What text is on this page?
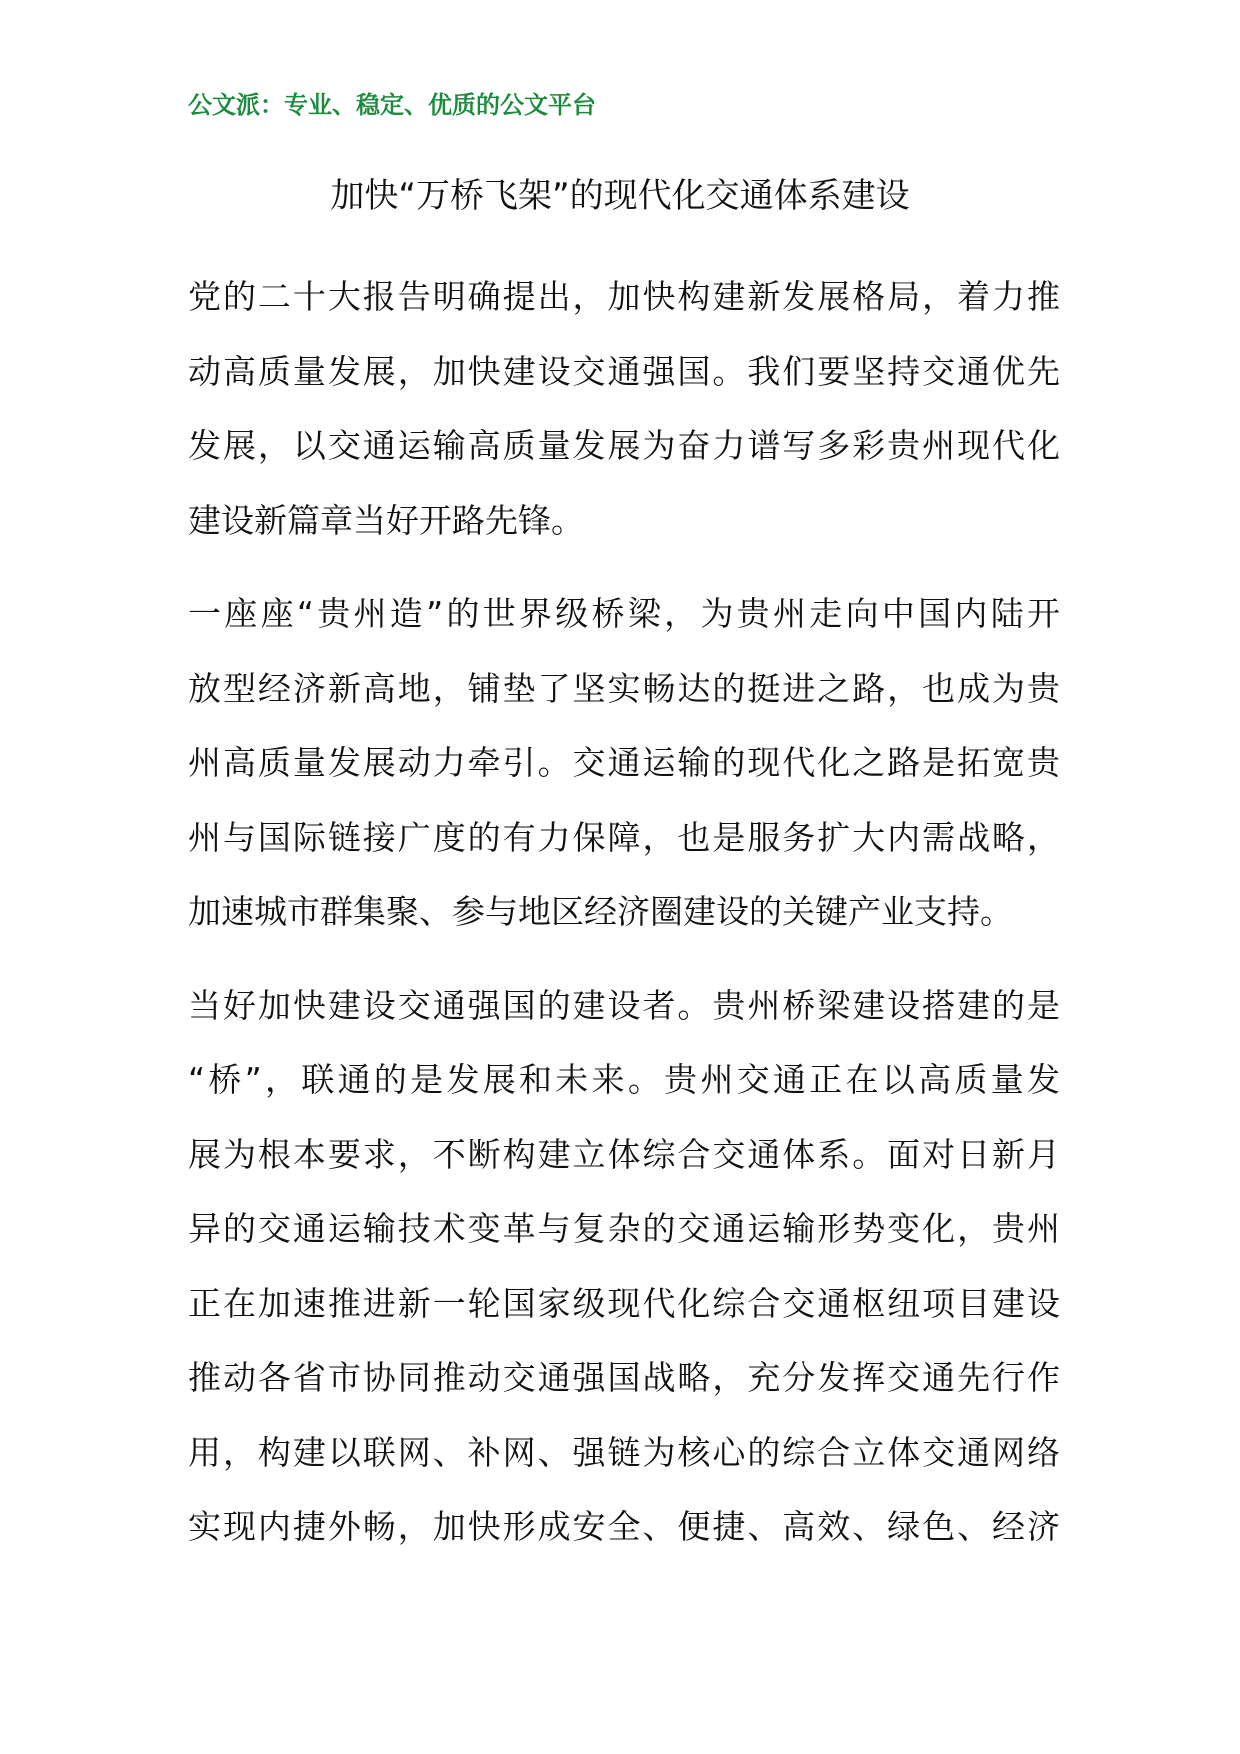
公文派：专业、稳定、优质的公文平台
加快“万桥飞架”的现代化交通体系建设
党的二十大报告明确提出，加快构建新发展格局，着力推
动高质量发展，加快建设交通强国。我们要坚持交通优先
发展，以交通运输高质量发展为奋力谱写多彩贵州现代化
建设新篇章当好开路先锋。
一座座“贵州造”的世界级桥梁，为贵州走向中国内陆开
放型经济新高地，铺垫了坚实畅达的挺进之路，也成为贵
州高质量发展动力牵引。交通运输的现代化之路是拓宽贵
州与国际链接广度的有力保障，也是服务扩大内需战略，
加速城市群集聚、参与地区经济圈建设的关键产业支持。
当好加快建设交通强国的建设者。贵州桥梁建设搭建的是
“桥”，联通的是发展和未来。贵州交通正在以高质量发
展为根本要求，不断构建立体综合交通体系。面对日新月
异的交通运输技术变革与复杂的交通运输形势变化，贵州
正在加速推进新一轮国家级现代化综合交通枢纽项目建设
推动各省市协同推动交通强国战略，充分发挥交通先行作
用，构建以联网、补网、强链为核心的综合立体交通网络
实现内捷外畅，加快形成安全、便捷、高效、绿色、经济
